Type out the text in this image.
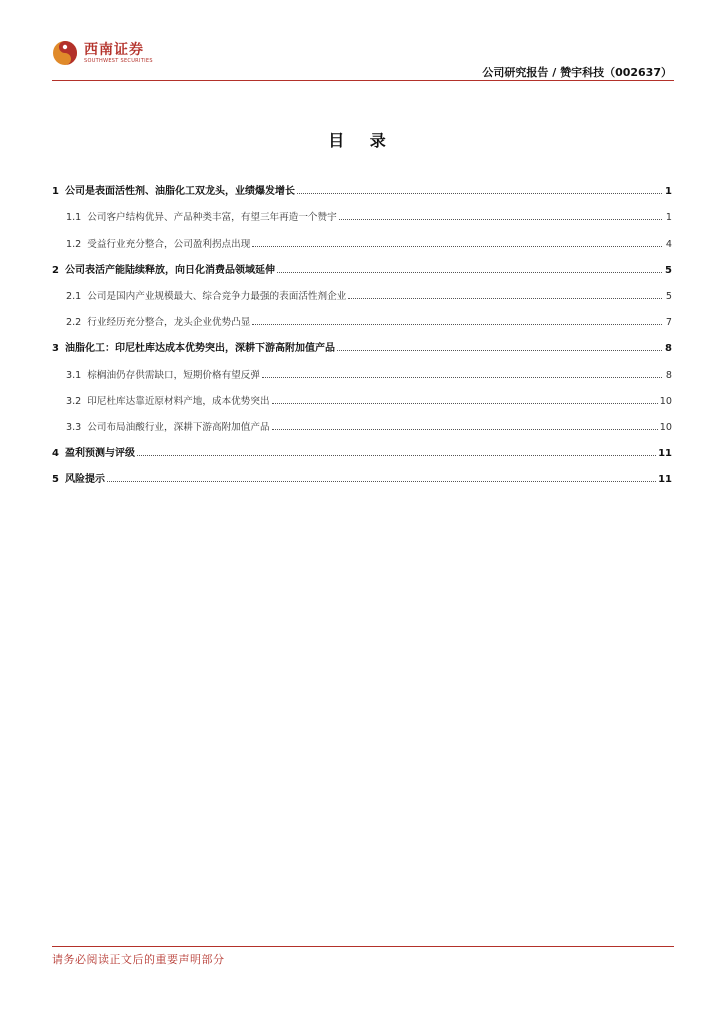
西南证券
SOUTHWEST SECURITIES
公司研究报告 / 赞宇科技（002637）
目 录
1 公司是表面活性剂、油脂化工双龙头，业绩爆发增长	1
1.1 公司客户结构优异、产品种类丰富，有望三年再造一个赞宇	1
1.2 受益行业充分整合，公司盈利拐点出现	4
2 公司表活产能陆续释放，向日化消费品领域延伸	5
2.1 公司是国内产业规模最大、综合竞争力最强的表面活性剂企业	5
2.2 行业经历充分整合，龙头企业优势凸显	7
3 油脂化工：印尼杜库达成本优势突出，深耕下游高附加值产品	8
3.1 棕榈油仍存供需缺口，短期价格有望反弹	8
3.2 印尼杜库达靠近原材料产地，成本优势突出	10
3.3 公司布局油酸行业，深耕下游高附加值产品	10
4 盈利预测与评级	11
5 风险提示	11
请务必阅读正文后的重要声明部分
